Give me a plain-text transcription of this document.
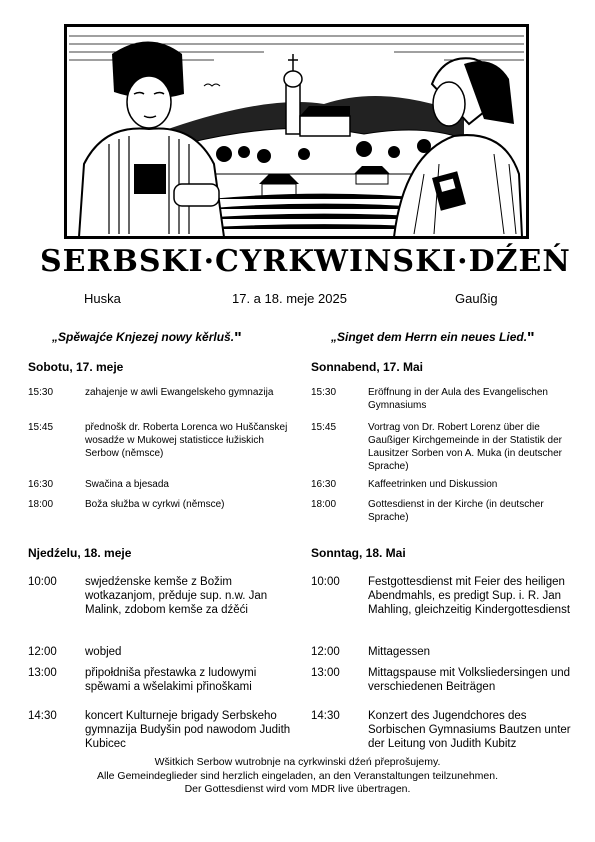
SERBSKI·CYRKWINSKI·DŹEŃ
Huska	17. a 18. meje 2025	Gaußig
„Spěwajće Knjezej nowy kěrluš."	„Singet dem Herrn ein neues Lied."
Sobotu, 17. meje
15:30	zahajenje w awli Ewangelskeho gymnazija
15:45	přednošk dr. Roberta Lorenca wo Huščanskej wosadźe w Mukowej statisticce łužiskich Serbow (němsce)
16:30	Swačina a bjesada
18:00	Boža słužba w cyrkwi (němsce)
Njedźelu, 18. meje
10:00	swjedźenske kemše z Božim wotkazanjom, prěduje sup. n.w. Jan Malink, zdobom kemše za dźěći
12:00	wobjed
13:00	připołdniša přestawka z ludowymi spěwami a wšelakimi přinoškami
14:30	koncert Kulturneje brigady Serbskeho gymnazija Budyšin pod nawodom Judith Kubicec
Sonnabend, 17. Mai
15:30	Eröffnung in der Aula des Evangelischen Gymnasiums
15:45	Vortrag von Dr. Robert Lorenz über die Gaußiger Kirchgemeinde in der Statistik der Lausitzer Sorben von A. Muka (in deutscher Sprache)
16:30	Kaffeetrinken und Diskussion
18:00	Gottesdienst in der Kirche (in deutscher Sprache)
Sonntag, 18. Mai
10:00	Festgottesdienst mit Feier des heiligen Abendmahls, es predigt Sup. i. R. Jan Mahling, gleichzeitig Kindergottesdienst
12:00	Mittagessen
13:00	Mittagspause mit Volksliedersingen und verschiedenen Beiträgen
14:30	Konzert des Jugendchores des Sorbischen Gymnasiums Bautzen unter der Leitung von Judith Kubitz
Wšitkich Serbow wutrobnje na cyrkwinski dźeń přeprošujemy.
Alle Gemeindeglieder sind herzlich eingeladen, an den Veranstaltungen teilzunehmen.
Der Gottesdienst wird vom MDR live übertragen.
